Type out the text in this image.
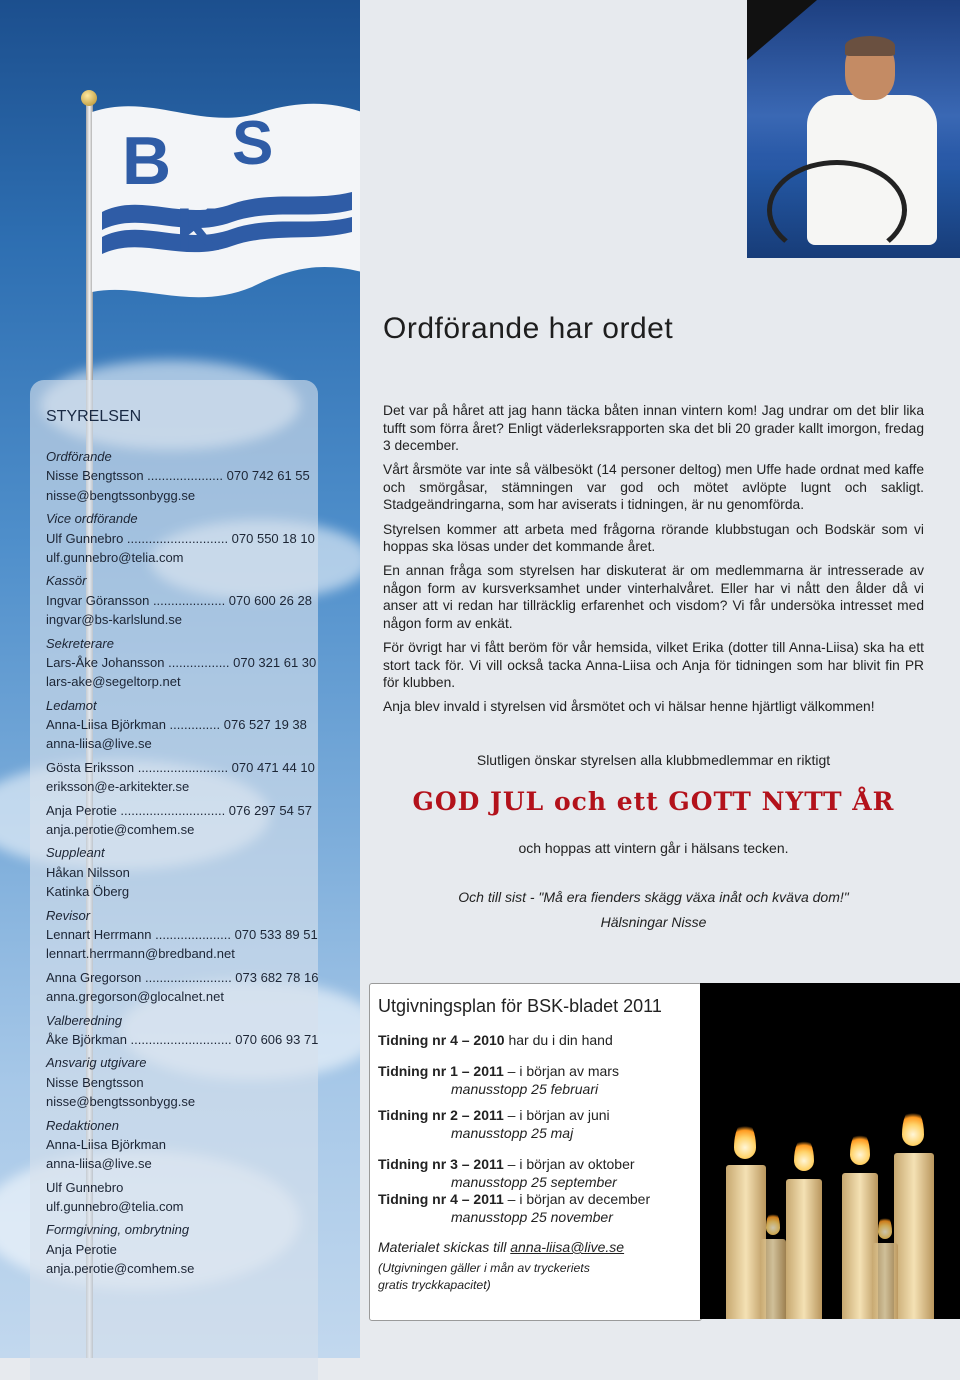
B S
K
Ordförande har ordet
STYRELSEN
Ordförande
Nisse Bengtsson ..................... 070 742 61 55
nisse@bengtssonbygg.se
Vice ordförande
Ulf Gunnebro ............................ 070 550 18 10
ulf.gunnebro@telia.com
Kassör
Ingvar Göransson .................... 070 600 26 28
ingvar@bs-karlslund.se
Sekreterare
Lars-Åke Johansson ................. 070 321 61 30
lars-ake@segeltorp.net
Ledamot
Anna-Liisa Björkman .............. 076 527 19 38
anna-liisa@live.se
Gösta Eriksson ......................... 070 471 44 10
eriksson@e-arkitekter.se
Anja Perotie ............................. 076 297 54 57
anja.perotie@comhem.se
Suppleant
Håkan Nilsson
Katinka Öberg
Revisor
Lennart Herrmann ..................... 070 533 89 51
lennart.herrmann@bredband.net
Anna Gregorson ........................ 073 682 78 16
anna.gregorson@glocalnet.net
Valberedning
Åke Björkman ............................ 070 606 93 71
Ansvarig utgivare
Nisse Bengtsson
nisse@bengtssonbygg.se
Redaktionen
Anna-Liisa Björkman
anna-liisa@live.se
Ulf Gunnebro
ulf.gunnebro@telia.com
Formgivning, ombrytning
Anja Perotie
anja.perotie@comhem.se

Det var på håret att jag hann täcka båten innan vintern kom! Jag undrar om det blir lika tufft som förra året? Enligt väderleksrapporten ska det bli 20 grader kallt imorgon, fredag 3 december.

Vårt årsmöte var inte så välbesökt (14 personer deltog) men Uffe hade ordnat med kaffe och smörgåsar, stämningen var god och mötet avlöpte lugnt och sakligt. Stadgeändringarna, som har aviserats i tidningen, är nu genomförda.

Styrelsen kommer att arbeta med frågorna rörande klubbstugan och Bodskär som vi hoppas ska lösas under det kommande året.

En annan fråga som styrelsen har diskuterat är om medlemmarna är intresserade av någon form av kursverksamhet under vinterhalvåret. Eller har vi nått den ålder då vi anser att vi redan har tillräcklig erfarenhet och visdom? Vi får undersöka intresset med någon form av enkät.

För övrigt har vi fått beröm för vår hemsida, vilket Erika (dotter till Anna-Liisa) ska ha ett stort tack för. Vi vill också tacka Anna-Liisa och Anja för tidningen som har blivit fin PR för klubben.

Anja blev invald i styrelsen vid årsmötet och vi hälsar henne hjärtligt välkommen!

Slutligen önskar styrelsen alla klubbmedlemmar en riktigt
GOD JUL och ett GOTT NYTT ÅR
och hoppas att vintern går i hälsans tecken.
Och till sist - "Må era fienders skägg växa inåt och kväva dom!"
Hälsningar Nisse
Utgivningsplan för BSK-bladet 2011
Tidning nr 4 – 2010 har du i din hand
Tidning nr 1 – 2011 – i början av mars
manusstopp 25 februari
Tidning nr 2 – 2011 – i början av juni
manusstopp 25 maj
Tidning nr 3 – 2011 – i början av oktober
manusstopp 25 september
Tidning nr 4 – 2011 – i början av december
manusstopp 25 november
Materialet skickas till anna-liisa@live.se
(Utgivningen gäller i mån av tryckeriets
gratis tryckkapacitet)
